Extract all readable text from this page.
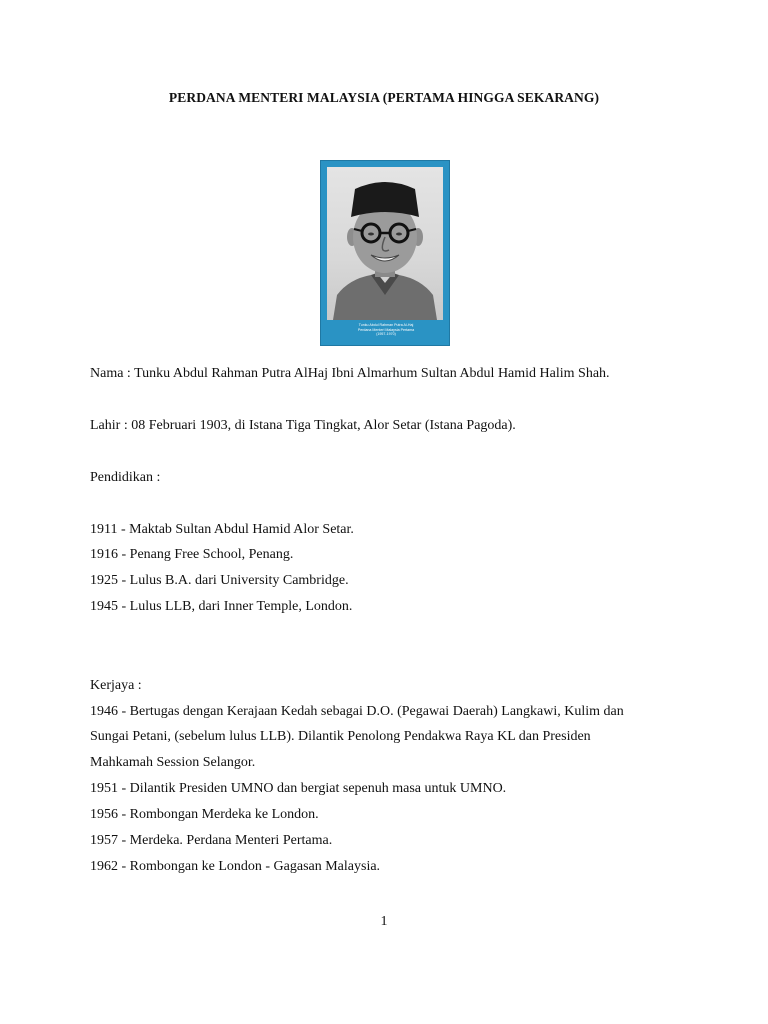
PERDANA MENTERI MALAYSIA (PERTAMA HINGGA SEKARANG)
Tunku Abdul Rahman Putra Al-Haj
Perdana Menteri Malaysia Pertama
(1957-1970)
Nama : Tunku Abdul Rahman Putra AlHaj Ibni Almarhum Sultan Abdul Hamid Halim Shah.
Lahir : 08 Februari 1903, di Istana Tiga Tingkat, Alor Setar (Istana Pagoda).
Pendidikan :
1911 - Maktab Sultan Abdul Hamid Alor Setar.
1916 - Penang Free School, Penang.
1925 - Lulus B.A. dari University Cambridge.
1945 - Lulus LLB, dari Inner Temple, London.
Kerjaya :
1946 - Bertugas dengan Kerajaan Kedah sebagai D.O. (Pegawai Daerah) Langkawi, Kulim dan
Sungai Petani, (sebelum lulus LLB). Dilantik Penolong Pendakwa Raya KL dan Presiden
Mahkamah Session Selangor.
1951 - Dilantik Presiden UMNO dan bergiat sepenuh masa untuk UMNO.
1956 - Rombongan Merdeka ke London.
1957 - Merdeka. Perdana Menteri Pertama.
1962 - Rombongan ke London - Gagasan Malaysia.
1
